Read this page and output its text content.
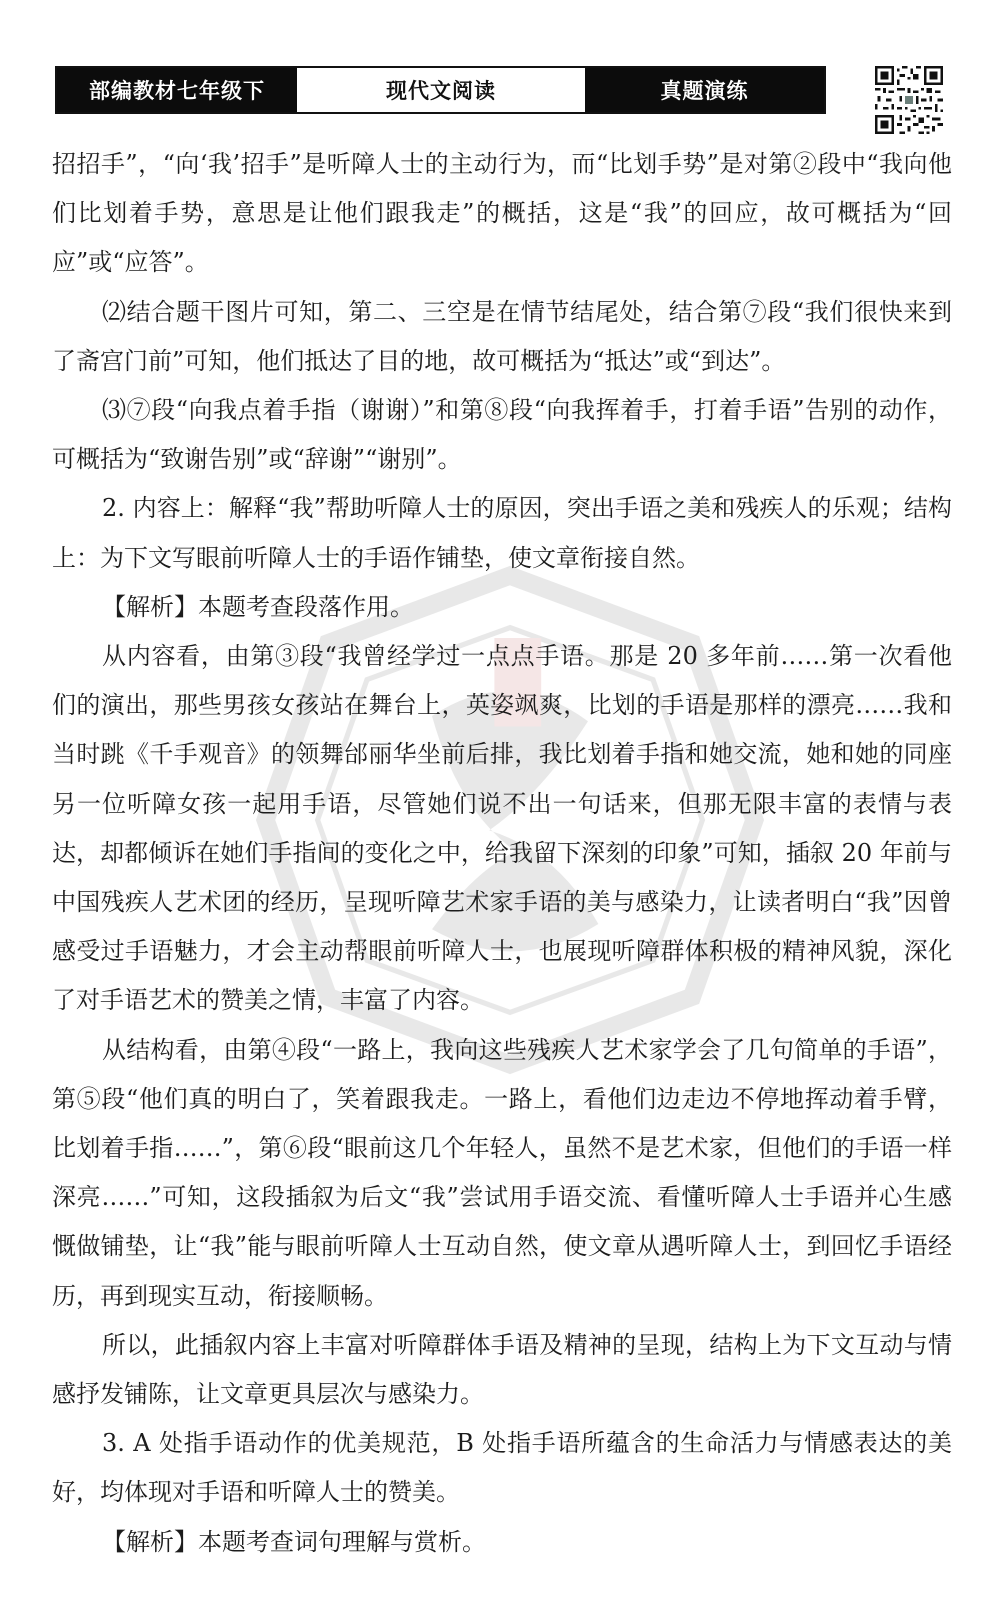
部编教材七年级下	现代文阅读	真题演练

招招手”，“向‘我’招手”是听障人士的主动行为，而“比划手势”是对第②段中“我向他们比划着手势，意思是让他们跟我走”的概括，这是“我”的回应，故可概括为“回应”或“应答”。

⑵结合题干图片可知，第二、三空是在情节结尾处，结合第⑦段“我们很快来到了斋宫门前”可知，他们抵达了目的地，故可概括为“抵达”或“到达”。

⑶⑦段“向我点着手指（谢谢）”和第⑧段“向我挥着手，打着手语”告别的动作，可概括为“致谢告别”或“辞谢”“谢别”。

2. 内容上：解释“我”帮助听障人士的原因，突出手语之美和残疾人的乐观；结构上：为下文写眼前听障人士的手语作铺垫，使文章衔接自然。

【解析】本题考查段落作用。

从内容看，由第③段“我曾经学过一点点手语。那是 20 多年前……第一次看他们的演出，那些男孩女孩站在舞台上，英姿飒爽，比划的手语是那样的漂亮……我和当时跳《千手观音》的领舞邰丽华坐前后排，我比划着手指和她交流，她和她的同座另一位听障女孩一起用手语，尽管她们说不出一句话来，但那无限丰富的表情与表达，却都倾诉在她们手指间的变化之中，给我留下深刻的印象”可知，插叙 20 年前与中国残疾人艺术团的经历，呈现听障艺术家手语的美与感染力，让读者明白“我”因曾感受过手语魅力，才会主动帮眼前听障人士，也展现听障群体积极的精神风貌，深化了对手语艺术的赞美之情，丰富了内容。

从结构看，由第④段“一路上，我向这些残疾人艺术家学会了几句简单的手语”，第⑤段“他们真的明白了，笑着跟我走。一路上，看他们边走边不停地挥动着手臂，比划着手指……”，第⑥段“眼前这几个年轻人，虽然不是艺术家，但他们的手语一样深亮……”可知，这段插叙为后文“我”尝试用手语交流、看懂听障人士手语并心生感慨做铺垫，让“我”能与眼前听障人士互动自然，使文章从遇听障人士，到回忆手语经历，再到现实互动，衔接顺畅。

所以，此插叙内容上丰富对听障群体手语及精神的呈现，结构上为下文互动与情感抒发铺陈，让文章更具层次与感染力。

3. A 处指手语动作的优美规范，B 处指手语所蕴含的生命活力与情感表达的美好，均体现对手语和听障人士的赞美。

【解析】本题考查词句理解与赏析。
